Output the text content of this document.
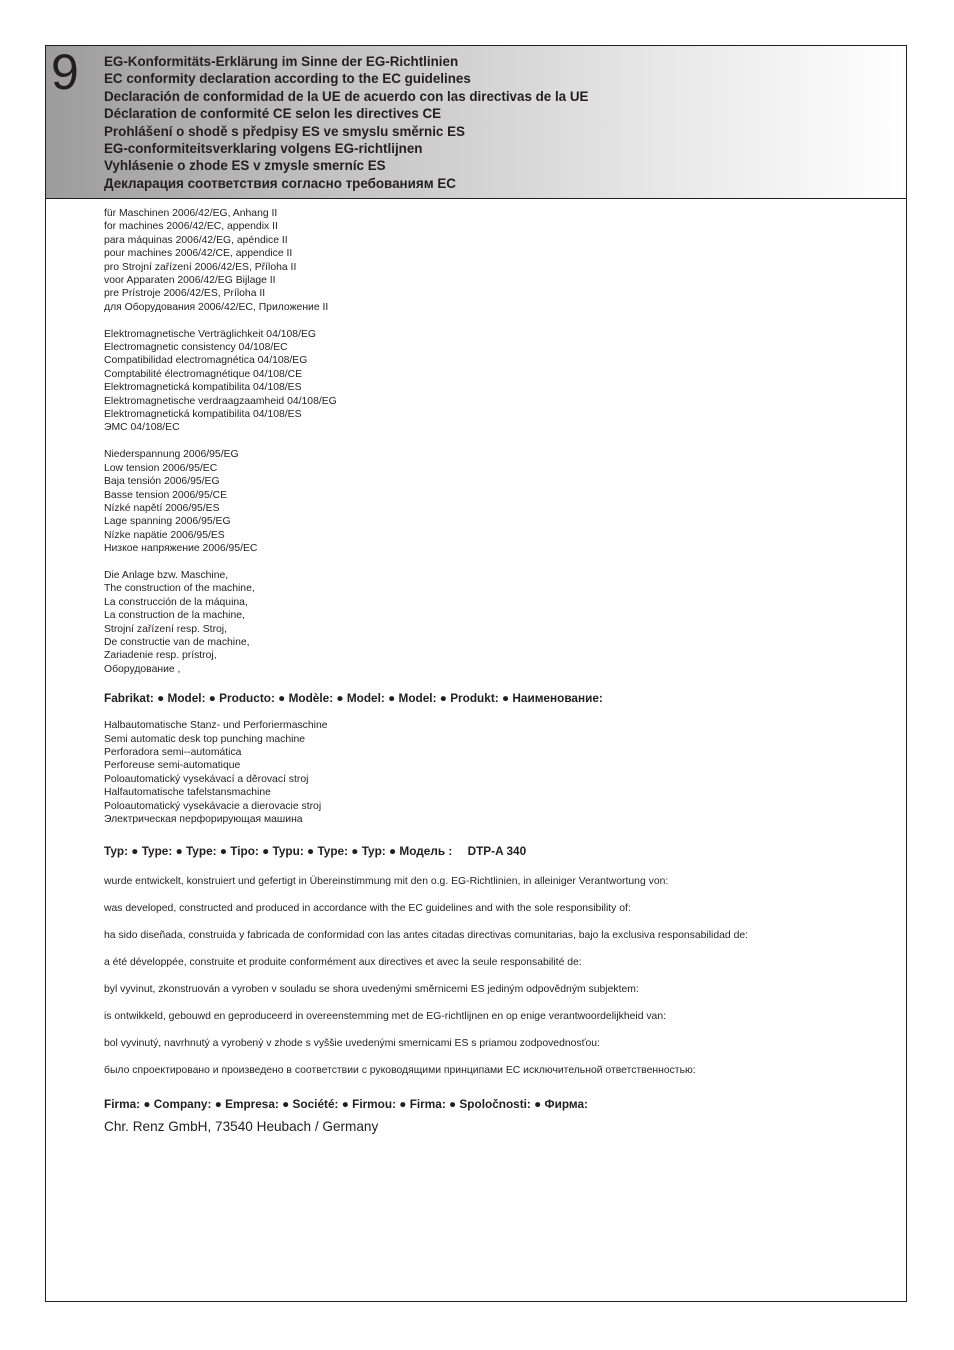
9 EG-Konformitäts-Erklärung im Sinne der EG-Richtlinien
EC conformity declaration according to the EC guidelines
Declaración de conformidad de la UE de acuerdo con las directivas de la UE
Déclaration de conformité CE selon les directives CE
Prohlášení o shodě s předpisy ES ve smyslu směrnic ES
EG-conformiteitsverklaring volgens EG-richtlijnen
Vyhlásenie o zhode ES v zmysle smerníc ES
Декларация соответствия согласно требованиям ЕС
für Maschinen 2006/42/EG, Anhang II
for machines 2006/42/EC, appendix II
para máquinas 2006/42/EG, apéndice II
pour machines 2006/42/CE, appendice II
pro Strojní zařízení 2006/42/ES, Příloha II
voor Apparaten 2006/42/EG Bijlage II
pre Prístroje 2006/42/ES, Príloha II
для Оборудования 2006/42/EC, Приложение II
Elektromagnetische Verträglichkeit 04/108/EG
Electromagnetic consistency 04/108/EC
Compatibilidad electromagnética 04/108/EG
Comptabilité électromagnétique 04/108/CE
Elektromagnetická kompatibilita 04/108/ES
Elektromagnetische verdraagzaamheid 04/108/EG
Elektromagnetická kompatibilita 04/108/ES
ЭМС 04/108/EC
Niederspannung 2006/95/EG
Low tension 2006/95/EC
Baja tensión 2006/95/EG
Basse tension 2006/95/CE
Nízké napětí 2006/95/ES
Lage spanning 2006/95/EG
Nízke napätie 2006/95/ES
Низкое напряжение 2006/95/EC
Die Anlage bzw. Maschine,
The construction of the machine,
La construcción de la máquina,
La construction de la machine,
Strojní zařízení resp. Stroj,
De constructie van de machine,
Zariadenie resp. prístroj,
Оборудование ,
Fabrikat: ● Model: ● Producto: ● Modèle: ● Model: ● Model: ● Produkt: ● Наименование:
Halbautomatische Stanz- und Perforiermaschine
Semi automatic desk top punching machine
Perforadora semi--automática
Perforeuse semi-automatique
Poloautomatický vysekávací a děrovací stroj
Halfautomatische tafelstansmachine
Poloautomatický vysekávacie a dierovacie stroj
Электрическая перфорирующая машина
Typ: ● Type: ● Type: ● Tipo: ● Typu: ● Type: ● Typ: ● Модель : DTP-A 340
wurde entwickelt, konstruiert und gefertigt in Übereinstimmung mit den o.g. EG-Richtlinien, in alleiniger Verantwortung von:
was developed, constructed and produced in accordance with the EC guidelines and with the sole responsibility of:
ha sido diseñada, construida y fabricada de conformidad con las antes citadas directivas comunitarias, bajo la exclusiva responsabilidad de:
a été développée, construite et produite conformément aux directives et avec la seule responsabilité de:
byl vyvinut, zkonstruován a vyroben v souladu se shora uvedenými směrnicemi ES jediným odpovědným subjektem:
is ontwikkeld, gebouwd en geproduceerd in overeenstemming met de EG-richtlijnen en op enige verantwoordelijkheid van:
bol vyvinutý, navrhnutý a vyrobený v zhode s vyššie uvedenými smernicami ES s priamou zodpovednosťou:
было спроектировано и произведено в соответствии с руководящими принципами ЕС исключительной ответственностью:
Firma: ● Company: ● Empresa: ● Société: ● Firmou: ● Firma: ● Spoločnosti: ● Фирма:
Chr. Renz GmbH, 73540 Heubach / Germany
